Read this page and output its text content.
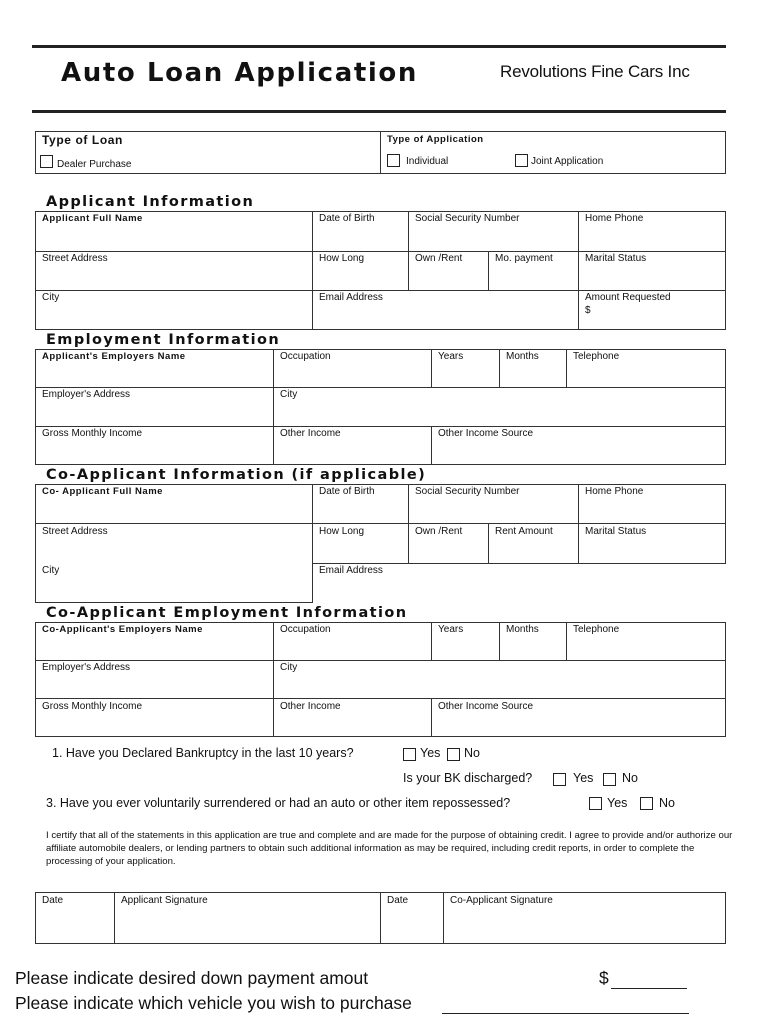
Auto Loan Application	Revolutions Fine Cars Inc
Type of Loan
Dealer Purchase
Type of Application
Individual	Joint Application
Applicant Information
Applicant Full Name	Date of Birth	Social Security Number	Home Phone
Street Address	How Long	Own /Rent	Mo. payment	Marital Status
City	Email Address	Amount Requested
$
Employment Information
Applicant's Employers Name	Occupation	Years	Months	Telephone
Employer's Address	City
Gross Monthly Income	Other Income	Other Income Source
Co-Applicant Information (if applicable)
Co- Applicant Full Name	Date of Birth	Social Security Number	Home Phone
Street Address	How Long	Own /Rent	Rent Amount	Marital Status
City	Email Address
Co-Applicant Employment Information
Co-Applicant's Employers Name	Occupation	Years	Months	Telephone
Employer's Address	City
Gross Monthly Income	Other Income	Other Income Source
1. Have you Declared Bankruptcy in the last 10 years?	Yes No
Is your BK discharged?	Yes No
3. Have you ever voluntarily surrendered or had an auto or other item repossessed?	Yes	No
I certify that all of the statements in this application are true and complete and are made for the purpose of obtaining credit. I agree to provide and/or authorize our affiliate automobile dealers, or lending partners to obtain such additional information as may be required, including credit reports, in order to complete the processing of your application.
Date	Applicant Signature	Date	Co-Applicant Signature
Please indicate desired down payment amout	$
Please indicate which vehicle you wish to purchase
